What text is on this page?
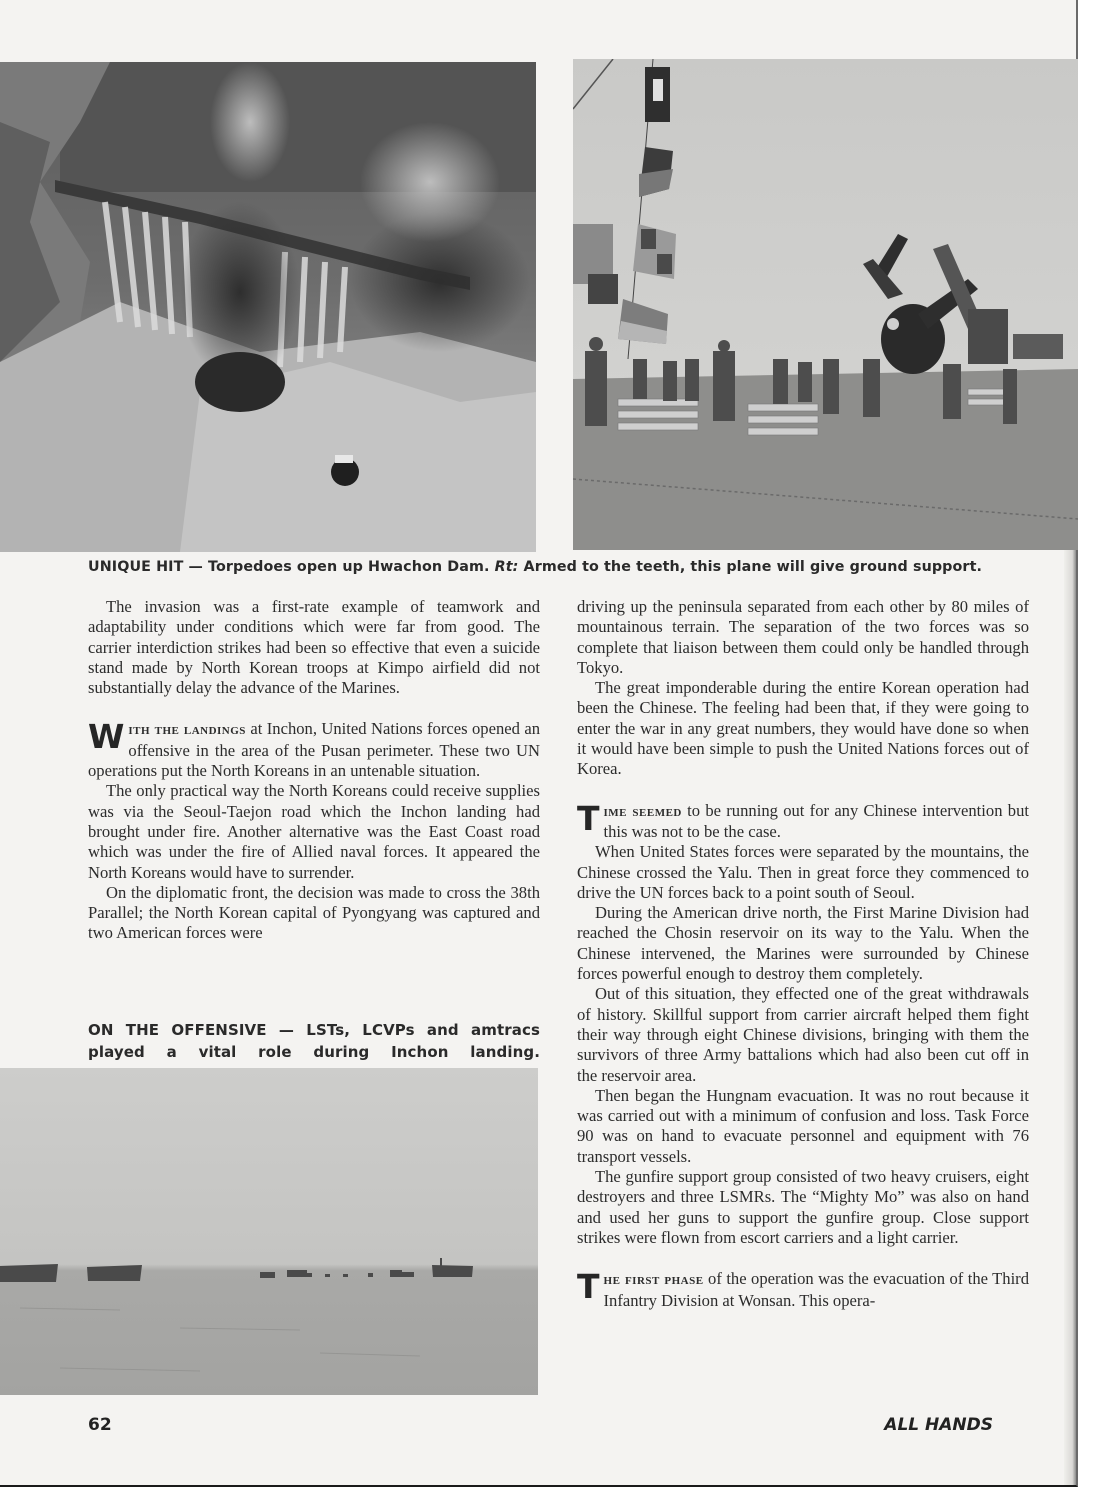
UNIQUE HIT — Torpedoes open up Hwachon Dam. Rt: Armed to the teeth, this plane will give ground support.

The invasion was a first-rate example of teamwork and adaptability under conditions which were far from good. The carrier interdiction strikes had been so effective that even a suicide stand made by North Korean troops at Kimpo airfield did not substantially delay the advance of the Marines.

With the landings at Inchon, United Nations forces opened an offensive in the area of the Pusan perimeter. These two UN operations put the North Koreans in an untenable situation.

The only practical way the North Koreans could receive supplies was via the Seoul-Taejon road which the Inchon landing had brought under fire. Another alternative was the East Coast road which was under the fire of Allied naval forces. It appeared the North Koreans would have to surrender.

On the diplomatic front, the decision was made to cross the 38th Parallel; the North Korean capital of Pyongyang was captured and two American forces were

ON THE OFFENSIVE — LSTs, LCVPs and amtracs played a vital role during Inchon landing.

driving up the peninsula separated from each other by 80 miles of mountainous terrain. The separation of the two forces was so complete that liaison between them could only be handled through Tokyo.

The great imponderable during the entire Korean operation had been the Chinese. The feeling had been that, if they were going to enter the war in any great numbers, they would have done so when it would have been simple to push the United Nations forces out of Korea.

Time seemed to be running out for any Chinese intervention but this was not to be the case.

When United States forces were separated by the mountains, the Chinese crossed the Yalu. Then in great force they commenced to drive the UN forces back to a point south of Seoul.

During the American drive north, the First Marine Division had reached the Chosin reservoir on its way to the Yalu. When the Chinese intervened, the Marines were surrounded by Chinese forces powerful enough to destroy them completely.

Out of this situation, they effected one of the great withdrawals of history. Skillful support from carrier aircraft helped them fight their way through eight Chinese divisions, bringing with them the survivors of three Army battalions which had also been cut off in the reservoir area.

Then began the Hungnam evacuation. It was no rout because it was carried out with a minimum of confusion and loss. Task Force 90 was on hand to evacuate personnel and equipment with 76 transport vessels.

The gunfire support group consisted of two heavy cruisers, eight destroyers and three LSMRs. The “Mighty Mo” was also on hand and used her guns to support the gunfire group. Close support strikes were flown from escort carriers and a light carrier.

The first phase of the operation was the evacuation of the Third Infantry Division at Wonsan. This opera-

62	ALL HANDS
